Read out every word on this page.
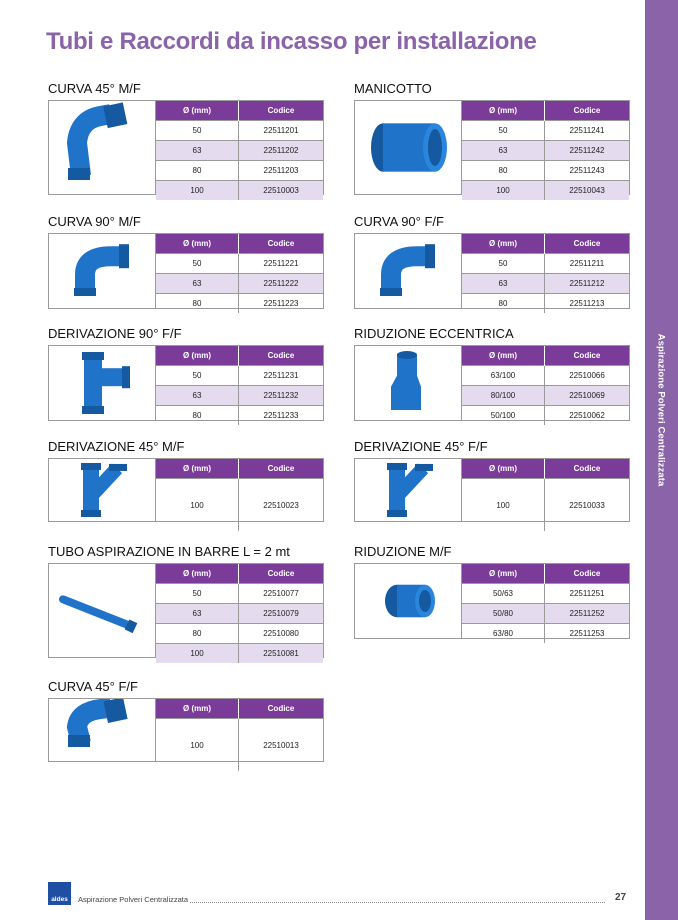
Aspirazione Polveri Centralizzata
Tubi e Raccordi da incasso per installazione
CURVA 45° M/F
Ø (mm)	Codice
50	22511201
63	22511202
80	22511203
100	22510003
MANICOTTO
Ø (mm)	Codice
50	22511241
63	22511242
80	22511243
100	22510043
CURVA 90° M/F
Ø (mm)	Codice
50	22511221
63	22511222
80	22511223
CURVA 90° F/F
Ø (mm)	Codice
50	22511211
63	22511212
80	22511213
DERIVAZIONE 90° F/F
Ø (mm)	Codice
50	22511231
63	22511232
80	22511233
RIDUZIONE ECCENTRICA
Ø (mm)	Codice
63/100	22510066
80/100	22510069
50/100	22510062
DERIVAZIONE 45° M/F
Ø (mm)	Codice
100	22510023
DERIVAZIONE 45° F/F
Ø (mm)	Codice
100	22510033
TUBO ASPIRAZIONE IN BARRE L = 2 mt
Ø (mm)	Codice
50	22510077
63	22510079
80	22510080
100	22510081
RIDUZIONE M/F
Ø (mm)	Codice
50/63	22511251
50/80	22511252
63/80	22511253
CURVA 45° F/F
Ø (mm)	Codice
100	22510013
aldes	Aspirazione Polveri Centralizzata	27
